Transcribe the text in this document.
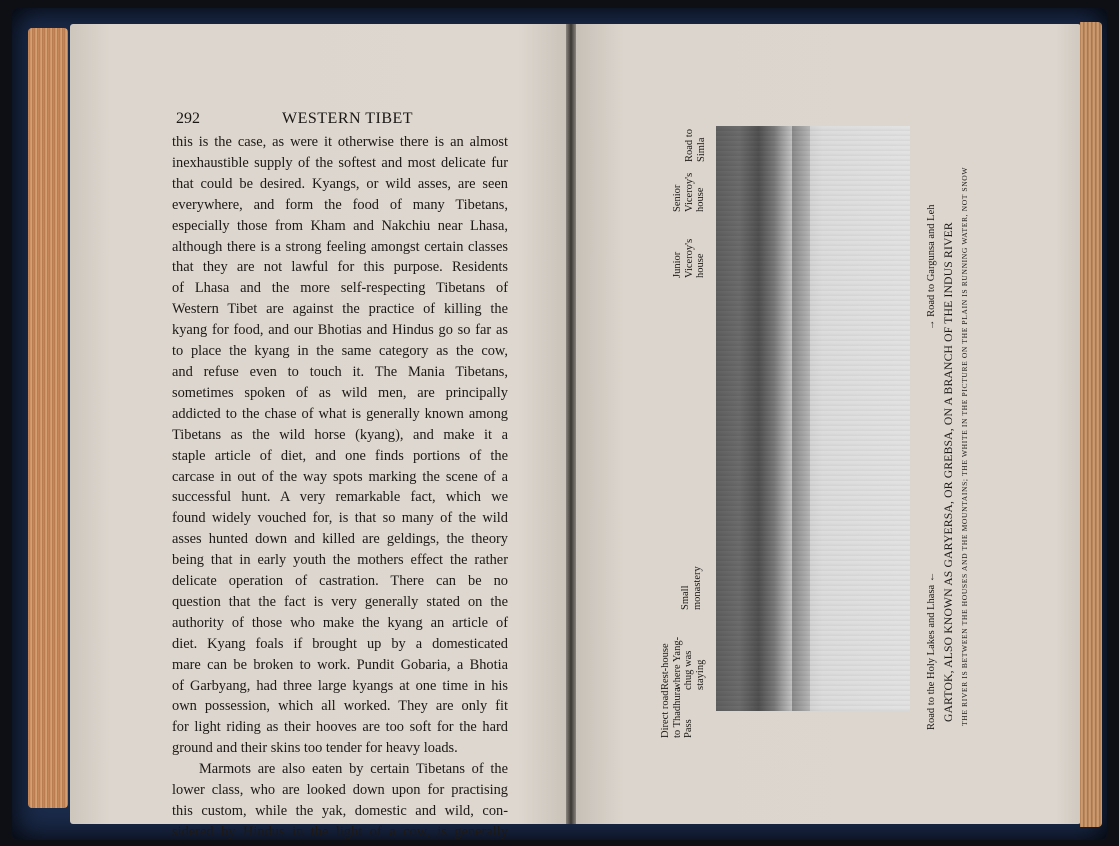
292	WESTERN TIBET
this is the case, as were it otherwise there is an almost
inexhaustible supply of the softest and most delicate fur
that could be desired. Kyangs, or wild asses, are seen
everywhere, and form the food of many Tibetans,
especially those from Kham and Nakchiu near Lhasa,
although there is a strong feeling amongst certain classes
that they are not lawful for this purpose. Residents
of Lhasa and the more self-respecting Tibetans of
Western Tibet are against the practice of killing the
kyang for food, and our Bhotias and Hindus go so far as
to place the kyang in the same category as the cow,
and refuse even to touch it. The Mania Tibetans,
sometimes spoken of as wild men, are principally
addicted to the chase of what is generally known among
Tibetans as the wild horse (kyang), and make it a
staple article of diet, and one finds portions of the
carcase in out of the way spots marking the scene of a
successful hunt. A very remarkable fact, which we
found widely vouched for, is that so many of the wild
asses hunted down and killed are geldings, the theory
being that in early youth the mothers effect the rather
delicate operation of castration. There can be no
question that the fact is very generally stated on the
authority of those who make the kyang an article of
diet. Kyang foals if brought up by a domesticated
mare can be broken to work. Pundit Gobaria, a Bhotia
of Garbyang, had three large kyangs at one time in his
own possession, which all worked. They are only fit
for light riding as their hooves are too soft for the hard
ground and their skins too tender for heavy loads.
Marmots are also eaten by certain Tibetans of the
lower class, who are looked down upon for practising
this custom, while the yak, domestic and wild, con-
sidered by Hindus in the light of a cow, is generally
Direct road to Thadhura Pass
Rest-house where Yang- chug was staying
Small monastery
Junior Viceroy's house
Senior Viceroy's house
Road to Simla
Road to the Holy Lakes and Lhasa ←
→ Road to Gargunsa and Leh GARTOK, ALSO KNOWN AS GARYERSA, OR GREBSA, ON A BRANCH OF THE INDUS RIVER THE RIVER IS BETWEEN THE HOUSES AND THE MOUNTAINS; THE WHITE IN THE PICTURE ON THE PLAIN IS RUNNING WATER, NOT SNOW
